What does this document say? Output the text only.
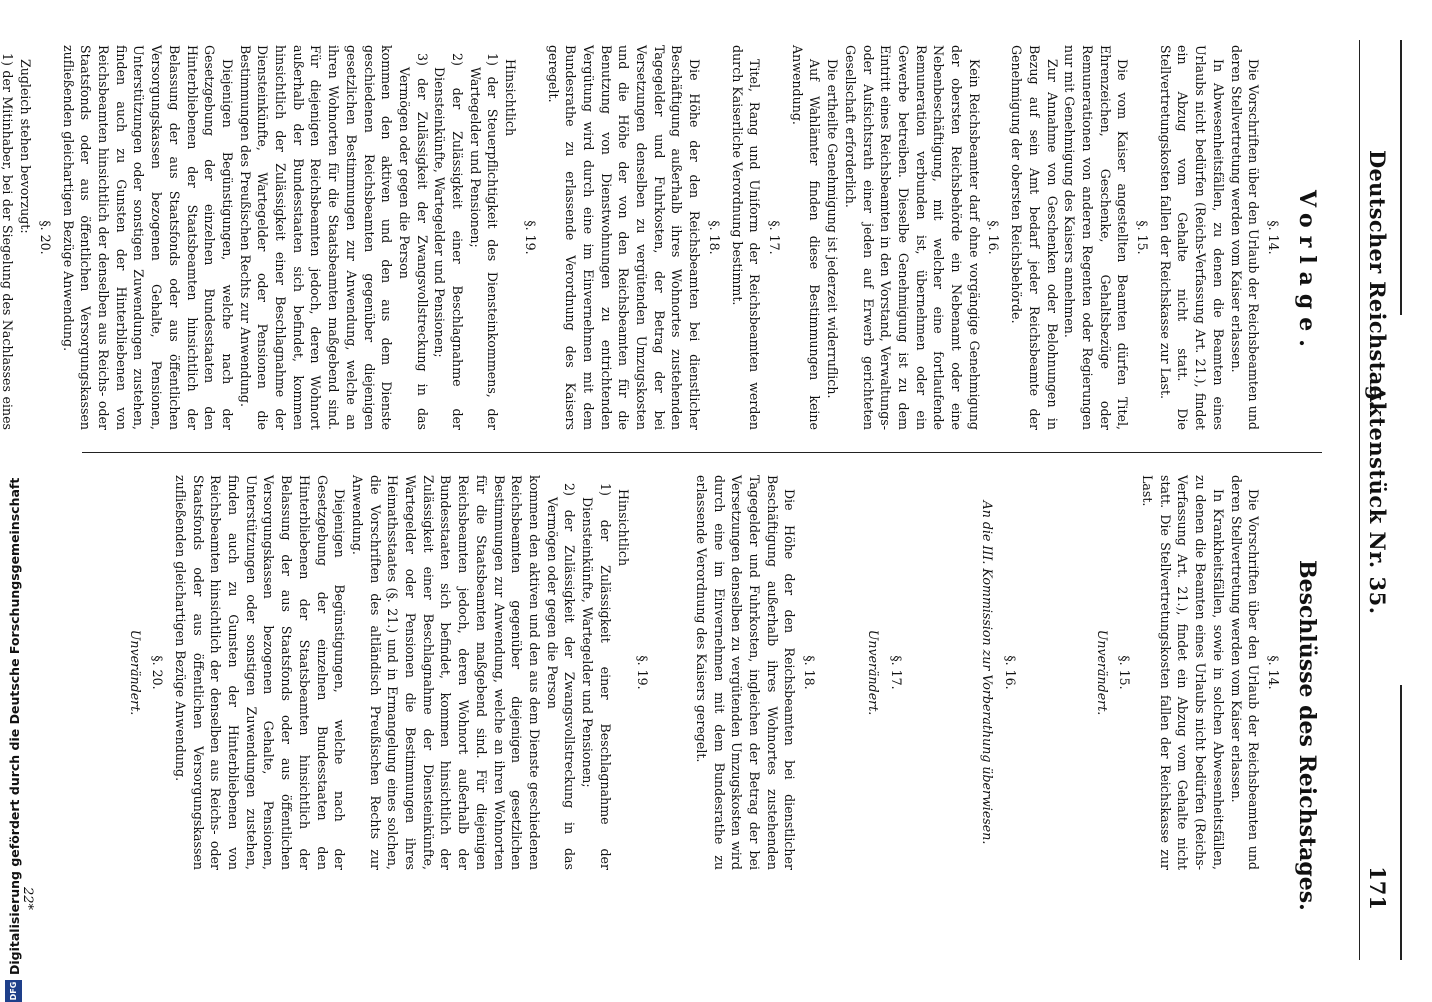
Deutscher Reichstag.
Aktenstück Nr. 35.
171
Vorlage.
Beschlüsse des Reichstages.

§. 14.

Die Vorschriften über den Urlaub der Reichsbeamten und deren Stellvertretung werden vom Kaiser erlassen.

In Abwesenheitsfällen, zu denen die Beamten eines Urlaubs nicht bedürfen (Reichs-Verfassung Art. 21.), findet ein Abzug vom Gehalte nicht statt. Die Stellvertretungskosten fallen der Reichskasse zur Last.

§. 15.

Die vom Kaiser angestellten Beamten dürfen Titel, Ehrenzeichen, Geschenke, Gehaltsbezüge oder Remunerationen von anderen Regenten oder Regierungen nur mit Genehmigung des Kaisers annehmen.

Zur Annahme von Geschenken oder Belohnungen in Bezug auf sein Amt bedarf jeder Reichsbeamte der Genehmigung der obersten Reichsbehörde.

§. 16.

Kein Reichsbeamter darf ohne vorgängige Genehmigung der obersten Reichsbehörde ein Nebenamt oder eine Nebenbeschäftigung, mit welcher eine fortlaufende Remuneration verbunden ist, übernehmen oder ein Gewerbe betreiben. Dieselbe Genehmigung ist zu dem Eintritt eines Reichsbeamten in den Vorstand, Verwaltungs- oder Aufsichtsrath einer jeden auf Erwerb gerichteten Gesellschaft erforderlich.

Die ertheilte Genehmigung ist jederzeit widerruflich.

Auf Wahlämter finden diese Bestimmungen keine Anwendung.

§. 17.

Titel, Rang und Uniform der Reichsbeamten werden durch Kaiserliche Verordnung bestimmt.

§. 18.

Die Höhe der den Reichsbeamten bei dienstlicher Beschäftigung außerhalb ihres Wohnortes zustehenden Tagegelder und Fuhrkosten, der Betrag der bei Versetzungen denselben zu vergütenden Umzugskosten und die Höhe der von den Reichsbeamten für die Benutzung von Dienstwohnungen zu entrichtenden Vergütung wird durch eine im Einvernehmen mit dem Bundesrathe zu erlassende Verordnung des Kaisers geregelt.

§. 19.

Hinsichtlich

1) der Steuerpflichtigkeit des Diensteinkommens, der Wartegelder und Pensionen;

2) der Zulässigkeit einer Beschlagnahme der Diensteinkünfte, Wartegelder und Pensionen;

3) der Zulässigkeit der Zwangsvollstreckung in das Vermögen oder gegen die Person

kommen den aktiven und den aus dem Dienste geschiedenen Reichsbeamten gegenüber diejenigen gesetzlichen Bestimmungen zur Anwendung, welche an ihren Wohnorten für die Staatsbeamten maßgebend sind. Für diejenigen Reichsbeamten jedoch, deren Wohnort außerhalb der Bundesstaaten sich befindet, kommen hinsichtlich der Zulässigkeit einer Beschlagnahme der Diensteinkünfte, Wartegelder oder Pensionen die Bestimmungen des Preußischen Rechts zur Anwendung.

Diejenigen Begünstigungen, welche nach der Gesetzgebung der einzelnen Bundesstaaten den Hinterbliebenen der Staatsbeamten hinsichtlich der Belassung der aus Staatsfonds oder aus öffentlichen Versorgungskassen bezogenen Gehalte, Pensionen, Unterstützungen oder sonstigen Zuwendungen zustehen, finden auch zu Gunsten der Hinterbliebenen von Reichsbeamten hinsichtlich der denselben aus Reichs- oder Staatsfonds oder aus öffentlichen Versorgungskassen zufließenden gleichartigen Bezüge Anwendung.

§. 20.

Zugleich stehen bevorzugt:

1) der Mitinhaber, bei der Siegelung des Nachlasses eines

§. 14.

Die Vorschriften über den Urlaub der Reichsbeamten und deren Stellvertretung werden vom Kaiser erlassen.

In Krankheitsfällen, sowie in solchen Abwesenheitsfällen, zu denen die Beamten eines Urlaubs nicht bedürfen (Reichs-Verfassung Art. 21.), findet ein Abzug vom Gehalte nicht statt. Die Stellvertretungskosten fallen der Reichskasse zur Last.

§. 15.

Unverändert.

§. 16.

An die III. Kommission zur Vorberathung überwiesen.

§. 17.

Unverändert.

§. 18.

Die Höhe der den Reichsbeamten bei dienstlicher Beschäftigung außerhalb ihres Wohnortes zustehenden Tagegelder und Fuhrkosten, ingleichen der Betrag der bei Versetzungen denselben zu vergütenden Umzugskosten wird durch eine im Einvernehmen mit dem Bundesrathe zu erlassende Verordnung des Kaisers geregelt.

§. 19.

Hinsichtlich

1) der Zulässigkeit einer Beschlagnahme der Diensteinkünfte, Wartegelder und Pensionen;

2) der Zulässigkeit der Zwangsvollstreckung in das Vermögen oder gegen die Person

kommen den aktiven und den aus dem Dienste geschiedenen Reichsbeamten gegenüber diejenigen gesetzlichen Bestimmungen zur Anwendung, welche an ihren Wohnorten für die Staatsbeamten maßgebend sind. Für diejenigen Reichsbeamten jedoch, deren Wohnort außerhalb der Bundesstaaten sich befindet, kommen hinsichtlich der Zulässigkeit einer Beschlagnahme der Diensteinkünfte, Wartegelder oder Pensionen die Bestimmungen ihres Heimathsstaates (§. 21.) und in Ermangelung eines solchen, die Vorschriften des altländisch Preußischen Rechts zur Anwendung.

Diejenigen Begünstigungen, welche nach der Gesetzgebung der einzelnen Bundesstaaten den Hinterbliebenen der Staatsbeamten hinsichtlich der Belassung der aus Staatsfonds oder aus öffentlichen Versorgungskassen bezogenen Gehalte, Pensionen, Unterstützungen oder sonstigen Zuwendungen zustehen, finden auch zu Gunsten der Hinterbliebenen von Reichsbeamten hinsichtlich der denselben aus Reichs- oder Staatsfonds oder aus öffentlichen Versorgungskassen zufließenden gleichartigen Bezüge Anwendung.

§. 20.

Unverändert.

22*
DFG
Digitalisierung gefördert durch die Deutsche Forschungsgemeinschaft
